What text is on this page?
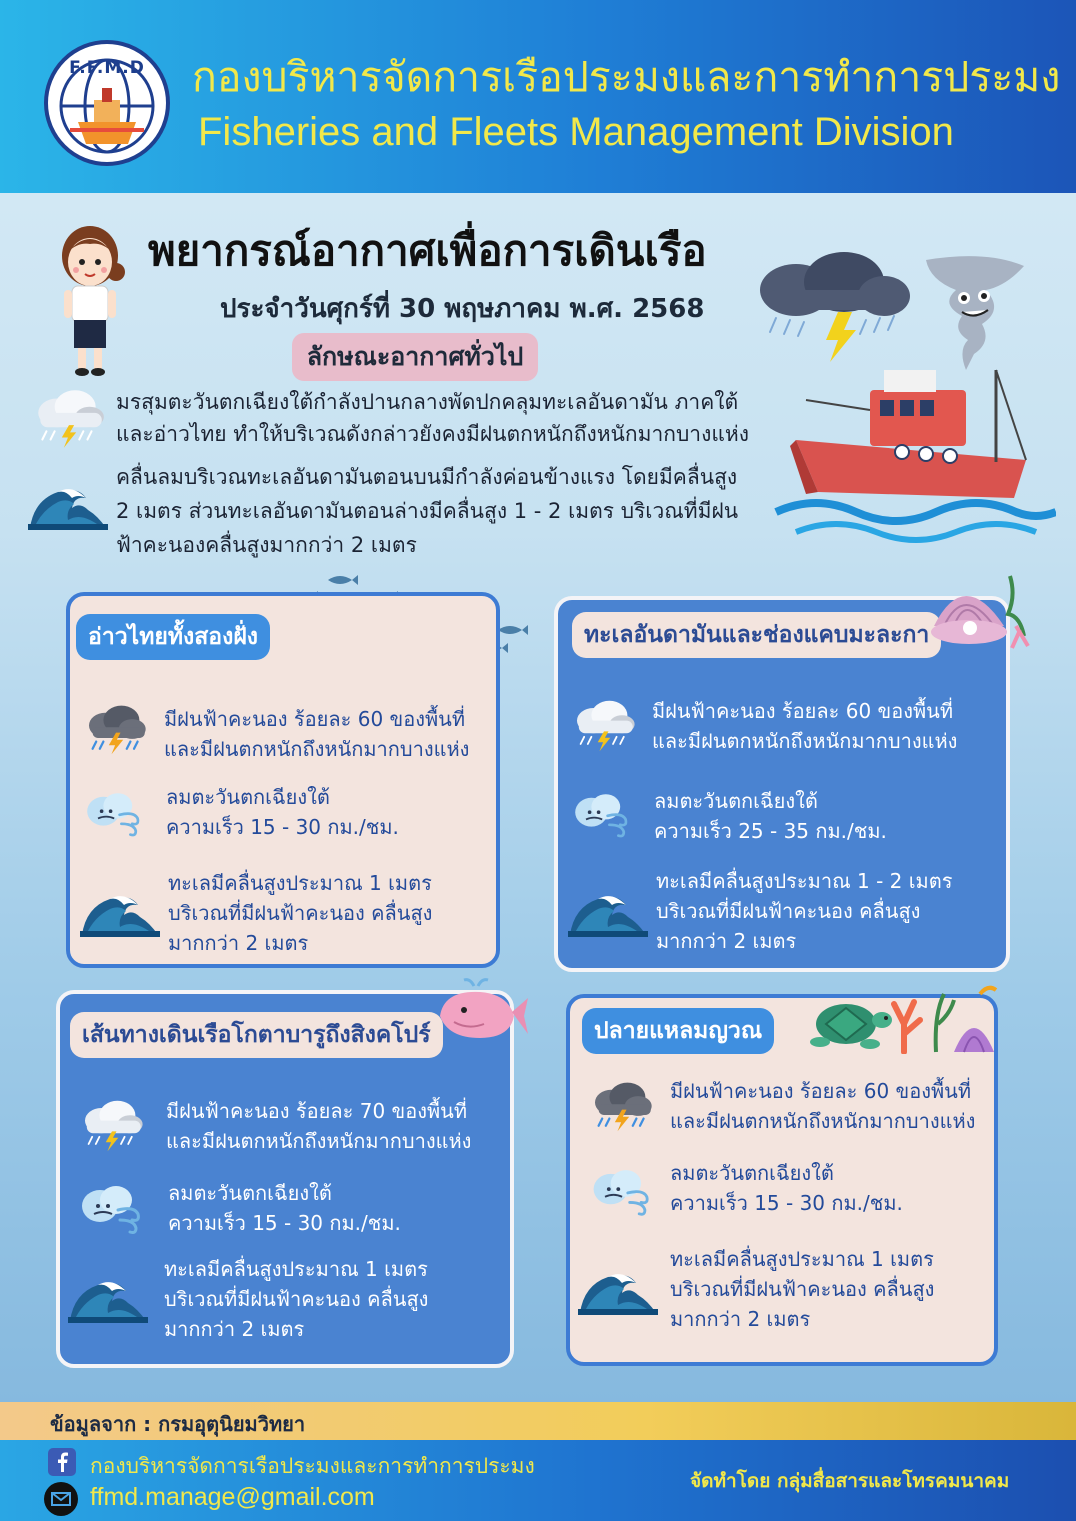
F.F.M.D	กองบริหารจัดการเรือประมงและการทำการประมง
Fisheries and Fleets Management Division
พยากรณ์อากาศเพื่อการเดินเรือ
ประจำวันศุกร์ที่ 30 พฤษภาคม พ.ศ. 2568
ลักษณะอากาศทั่วไป
มรสุมตะวันตกเฉียงใต้กำลังปานกลางพัดปกคลุมทะเลอันดามัน ภาคใต้
และอ่าวไทย ทำให้บริเวณดังกล่าวยังคงมีฝนตกหนักถึงหนักมากบางแห่ง
คลื่นลมบริเวณทะเลอันดามันตอนบนมีกำลังค่อนข้างแรง โดยมีคลื่นสูง
2 เมตร ส่วนทะเลอันดามันตอนล่างมีคลื่นสูง 1 - 2 เมตร บริเวณที่มีฝน
ฟ้าคะนองคลื่นสูงมากกว่า 2 เมตร
อ่าวไทยทั้งสองฝั่ง
มีฝนฟ้าคะนอง ร้อยละ 60 ของพื้นที่
และมีฝนตกหนักถึงหนักมากบางแห่ง
ลมตะวันตกเฉียงใต้
ความเร็ว 15 - 30 กม./ชม.
ทะเลมีคลื่นสูงประมาณ 1 เมตร
บริเวณที่มีฝนฟ้าคะนอง คลื่นสูง
มากกว่า 2 เมตร
ทะเลอันดามันและช่องแคบมะละกา
มีฝนฟ้าคะนอง ร้อยละ 60 ของพื้นที่
และมีฝนตกหนักถึงหนักมากบางแห่ง
ลมตะวันตกเฉียงใต้
ความเร็ว 25 - 35 กม./ชม.
ทะเลมีคลื่นสูงประมาณ 1 - 2 เมตร
บริเวณที่มีฝนฟ้าคะนอง คลื่นสูง
มากกว่า 2 เมตร
เส้นทางเดินเรือโกตาบารูถึงสิงคโปร์
มีฝนฟ้าคะนอง ร้อยละ 70 ของพื้นที่
และมีฝนตกหนักถึงหนักมากบางแห่ง
ลมตะวันตกเฉียงใต้
ความเร็ว 15 - 30 กม./ชม.
ทะเลมีคลื่นสูงประมาณ 1 เมตร
บริเวณที่มีฝนฟ้าคะนอง คลื่นสูง
มากกว่า 2 เมตร
ปลายแหลมญวณ
มีฝนฟ้าคะนอง ร้อยละ 60 ของพื้นที่
และมีฝนตกหนักถึงหนักมากบางแห่ง
ลมตะวันตกเฉียงใต้
ความเร็ว 15 - 30 กม./ชม.
ทะเลมีคลื่นสูงประมาณ 1 เมตร
บริเวณที่มีฝนฟ้าคะนอง คลื่นสูง
มากกว่า 2 เมตร
ข้อมูลจาก : กรมอุตุนิยมวิทยา
กองบริหารจัดการเรือประมงและการทำการประมง
ffmd.manage@gmail.com
จัดทำโดย กลุ่มสื่อสารและโทรคมนาคม
